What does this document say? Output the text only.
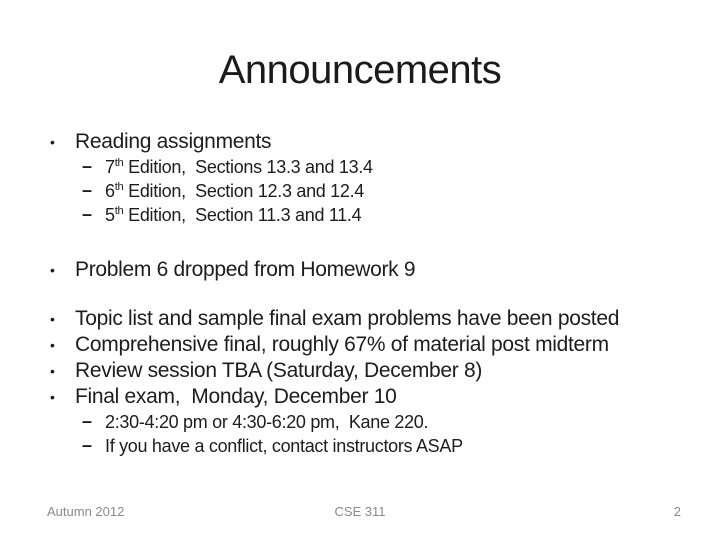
Announcements
• Reading assignments
– 7th Edition,  Sections 13.3 and 13.4
– 6th Edition,  Section 12.3 and 12.4
– 5th Edition,  Section 11.3 and 11.4
• Problem 6 dropped from Homework 9
• Topic list and sample final exam problems have been posted
• Comprehensive final, roughly 67% of material post midterm
• Review session TBA (Saturday, December 8)
• Final exam,  Monday, December 10
– 2:30-4:20 pm or 4:30-6:20 pm,  Kane 220.
– If you have a conflict, contact instructors ASAP
Autumn 2012	CSE 311	2
